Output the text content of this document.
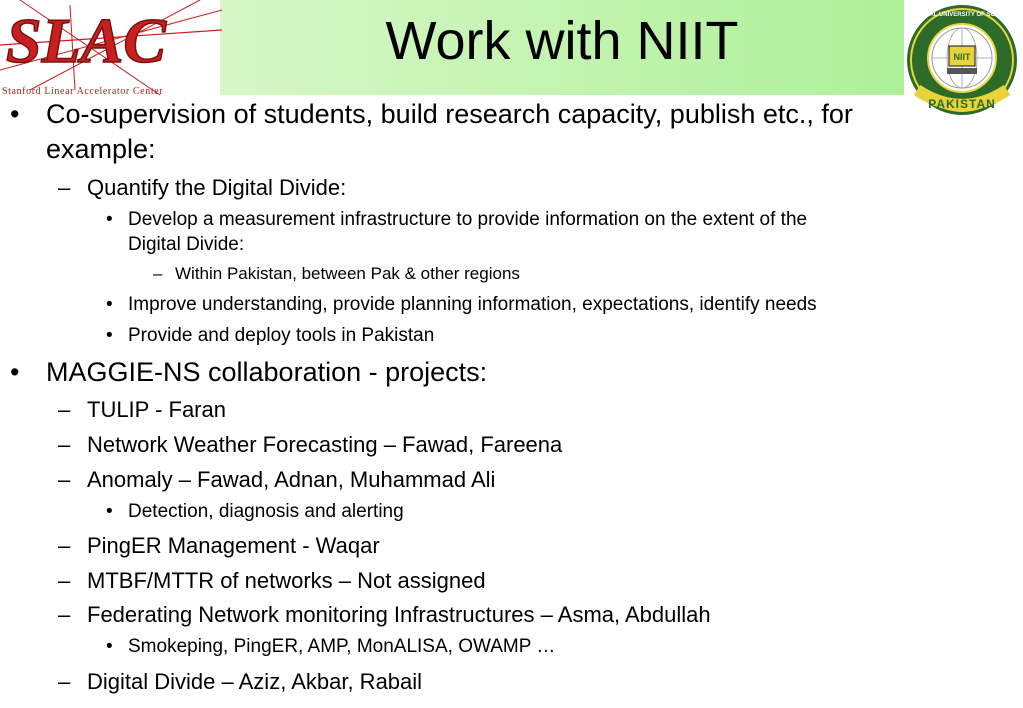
Work with NIIT
SLAC
Stanford Linear Accelerator Center
NIIT
PAKISTAN
NATIONAL UNIVERSITY OF SCIENCES
• Co-supervision of students, build research capacity, publish etc., for
example:
– Quantify the Digital Divide:
• Develop a measurement infrastructure to provide information on the extent of the
Digital Divide:
– Within Pakistan, between Pak & other regions
• Improve understanding, provide planning information, expectations, identify needs
• Provide and deploy tools in Pakistan
• MAGGIE-NS collaboration - projects:
– TULIP - Faran
– Network Weather Forecasting – Fawad, Fareena
– Anomaly – Fawad, Adnan, Muhammad Ali
• Detection, diagnosis and alerting
– PingER Management - Waqar
– MTBF/MTTR of networks – Not assigned
– Federating Network monitoring Infrastructures – Asma, Abdullah
• Smokeping, PingER, AMP, MonALISA, OWAMP …
– Digital Divide – Aziz, Akbar, Rabail
